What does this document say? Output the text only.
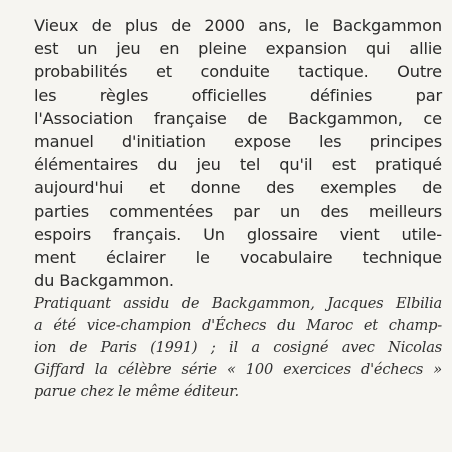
Vieux de plus de 2000 ans, le Backgammon
est un jeu en pleine expansion qui allie
probabilités et conduite tactique. Outre
les règles officielles définies par
l'Association française de Backgammon, ce
manuel d'initiation expose les principes
élémentaires du jeu tel qu'il est pratiqué
aujourd'hui et donne des exemples de
parties commentées par un des meilleurs
espoirs français. Un glossaire vient utile-
ment éclairer le vocabulaire technique
du Backgammon.
Pratiquant assidu de Backgammon, Jacques Elbilia
a été vice-champion d'Échecs du Maroc et champ-
ion de Paris (1991) ; il a cosigné avec Nicolas
Giffard la célèbre série « 100 exercices d'échecs »
parue chez le même éditeur.
